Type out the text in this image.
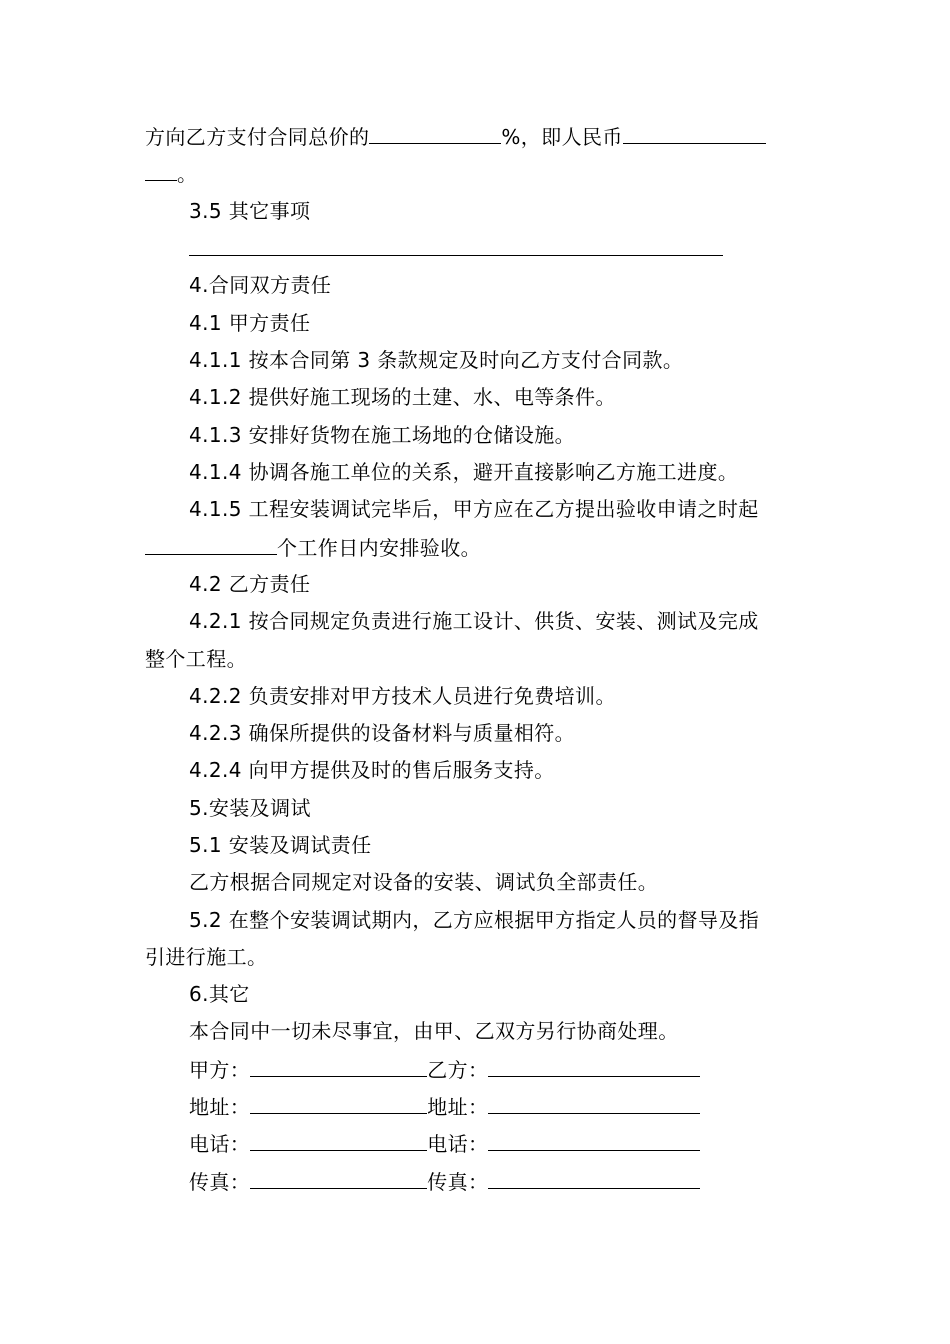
方向乙方支付合同总价的	%，即人民币
。
3.5 其它事项
4.合同双方责任
4.1 甲方责任
4.1.1 按本合同第 3 条款规定及时向乙方支付合同款。
4.1.2 提供好施工现场的土建、水、电等条件。
4.1.3 安排好货物在施工场地的仓储设施。
4.1.4 协调各施工单位的关系，避开直接影响乙方施工进度。
4.1.5 工程安装调试完毕后，甲方应在乙方提出验收申请之时起
个工作日内安排验收。
4.2 乙方责任
4.2.1 按合同规定负责进行施工设计、供货、安装、测试及完成
整个工程。
4.2.2 负责安排对甲方技术人员进行免费培训。
4.2.3 确保所提供的设备材料与质量相符。
4.2.4 向甲方提供及时的售后服务支持。
5.安装及调试
5.1 安装及调试责任
乙方根据合同规定对设备的安装、调试负全部责任。
5.2 在整个安装调试期内，乙方应根据甲方指定人员的督导及指
引进行施工。
6.其它
本合同中一切未尽事宜，由甲、乙双方另行协商处理。
甲方：	乙方：
地址：	地址：
电话：	电话：
传真：	传真：
